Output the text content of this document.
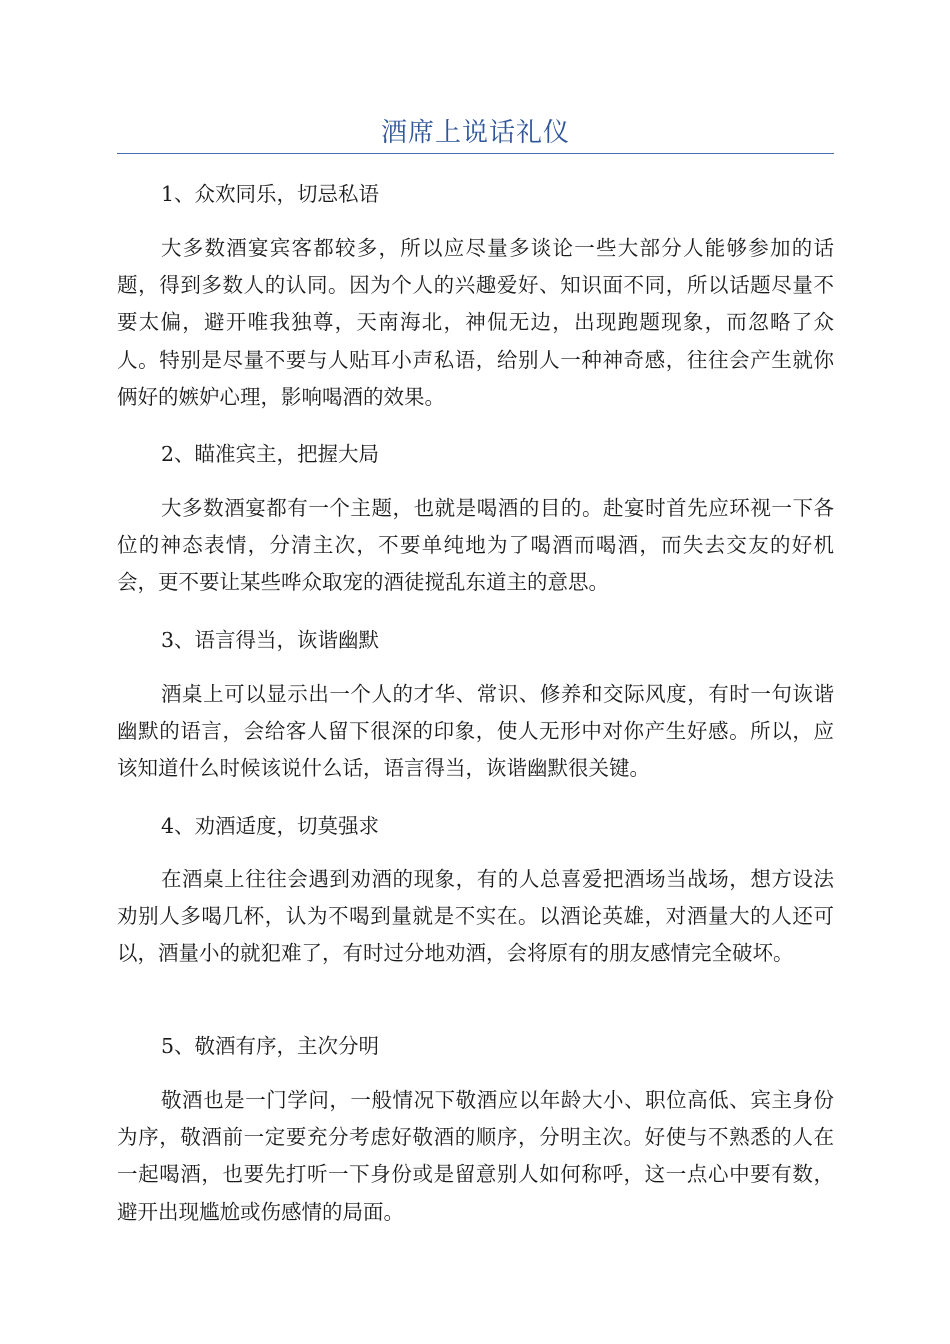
酒席上说话礼仪

1、众欢同乐，切忌私语

大多数酒宴宾客都较多，所以应尽量多谈论一些大部分人能够参加的话题，得到多数人的认同。因为个人的兴趣爱好、知识面不同，所以话题尽量不要太偏，避开唯我独尊，天南海北，神侃无边，出现跑题现象，而忽略了众人。特别是尽量不要与人贴耳小声私语，给别人一种神奇感，往往会产生就你俩好的嫉妒心理，影响喝酒的效果。

2、瞄准宾主，把握大局

大多数酒宴都有一个主题，也就是喝酒的目的。赴宴时首先应环视一下各位的神态表情，分清主次，不要单纯地为了喝酒而喝酒，而失去交友的好机会，更不要让某些哗众取宠的酒徒搅乱东道主的意思。

3、语言得当，诙谐幽默

酒桌上可以显示出一个人的才华、常识、修养和交际风度，有时一句诙谐幽默的语言，会给客人留下很深的印象，使人无形中对你产生好感。所以，应该知道什么时候该说什么话，语言得当，诙谐幽默很关键。

4、劝酒适度，切莫强求

在酒桌上往往会遇到劝酒的现象，有的人总喜爱把酒场当战场，想方设法劝别人多喝几杯，认为不喝到量就是不实在。以酒论英雄，对酒量大的人还可以，酒量小的就犯难了，有时过分地劝酒，会将原有的朋友感情完全破坏。

5、敬酒有序，主次分明

敬酒也是一门学问，一般情况下敬酒应以年龄大小、职位高低、宾主身份为序，敬酒前一定要充分考虑好敬酒的顺序，分明主次。好使与不熟悉的人在一起喝酒，也要先打听一下身份或是留意别人如何称呼，这一点心中要有数，避开出现尴尬或伤感情的局面。
